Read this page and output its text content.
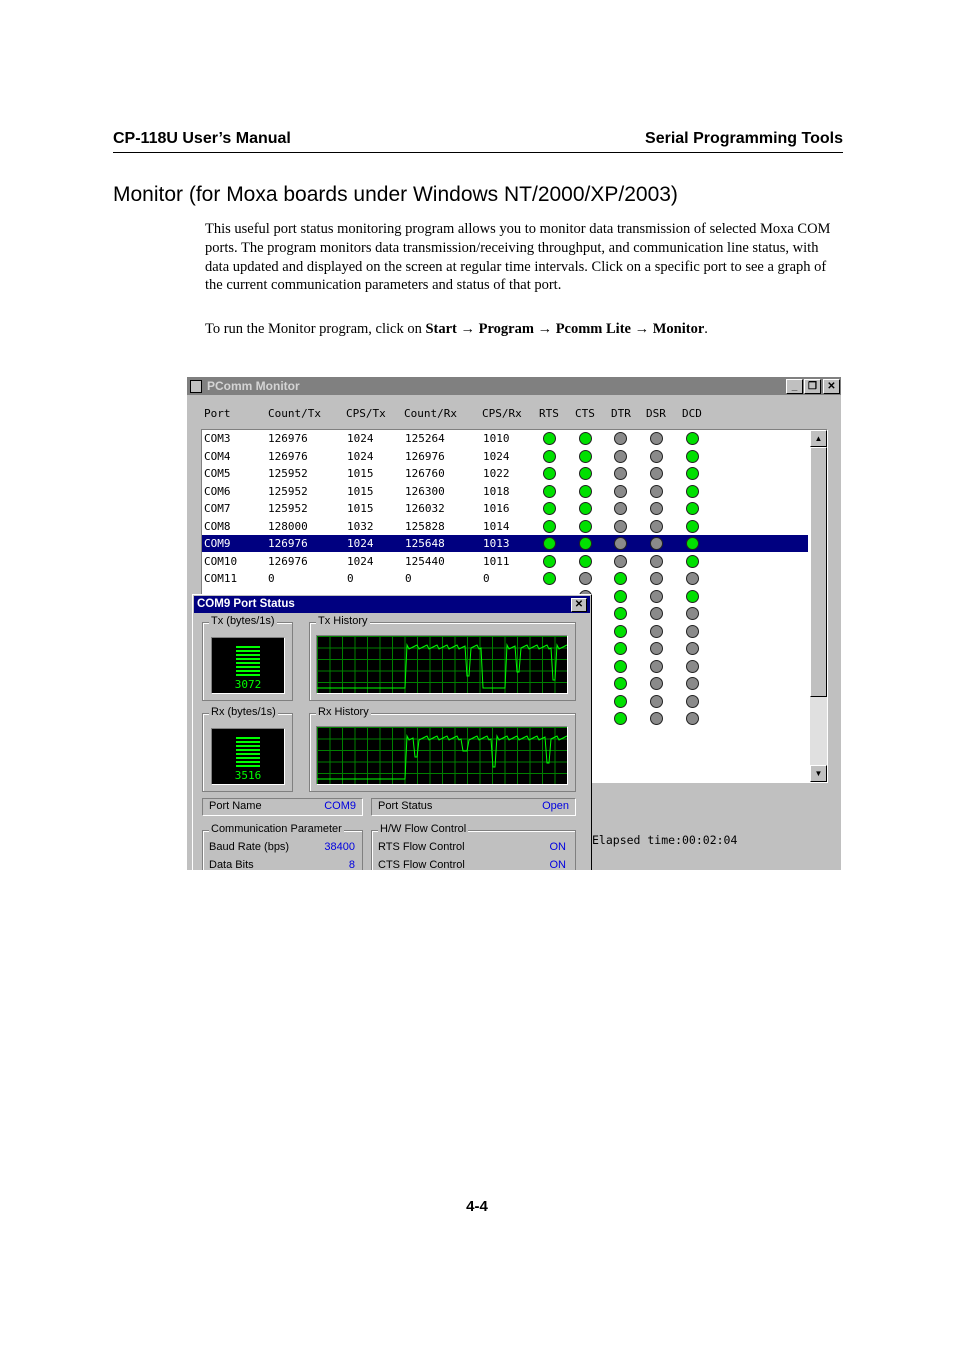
CP-118U User’s Manual	Serial Programming Tools
Monitor (for Moxa boards under Windows NT/2000/XP/2003)
This useful port status monitoring program allows you to monitor data transmission of selected Moxa COM ports. The program monitors data transmission/receiving throughput, and communication line status, with data updated and displayed on the screen at regular time intervals. Click on a specific port to see a graph of the current communication parameters and status of that port.
To run the Monitor program, click on Start → Program → Pcomm Lite → Monitor.
PComm Monitor	_	❐	✕
Port	Count/Tx CPS/Tx Count/Rx CPS/Rx RTS CTS DTR DSR DCD
COM3	126976	1024	125264	1010
COM4	126976	1024	126976	1024
COM5	125952	1015	126760	1022
COM6	125952	1015	126300	1018
COM7	125952	1015	126032	1016
COM8	128000	1032	125828	1014
COM9	126976	1024	125648	1013
COM10	126976	1024	125440	1011
COM11	0	0	0	0
▲
▼
Elapsed time:00:02:04
COM9 Port Status	✕
Tx (bytes/1s)
3072
Tx History
Rx (bytes/1s)
3516
Rx History
Port Name	COM9 Port Status	Open
Communication Parameter
Baud Rate (bps)	38400
Data Bits	8
H/W Flow Control
RTS Flow Control	ON
CTS Flow Control	ON
4-4
